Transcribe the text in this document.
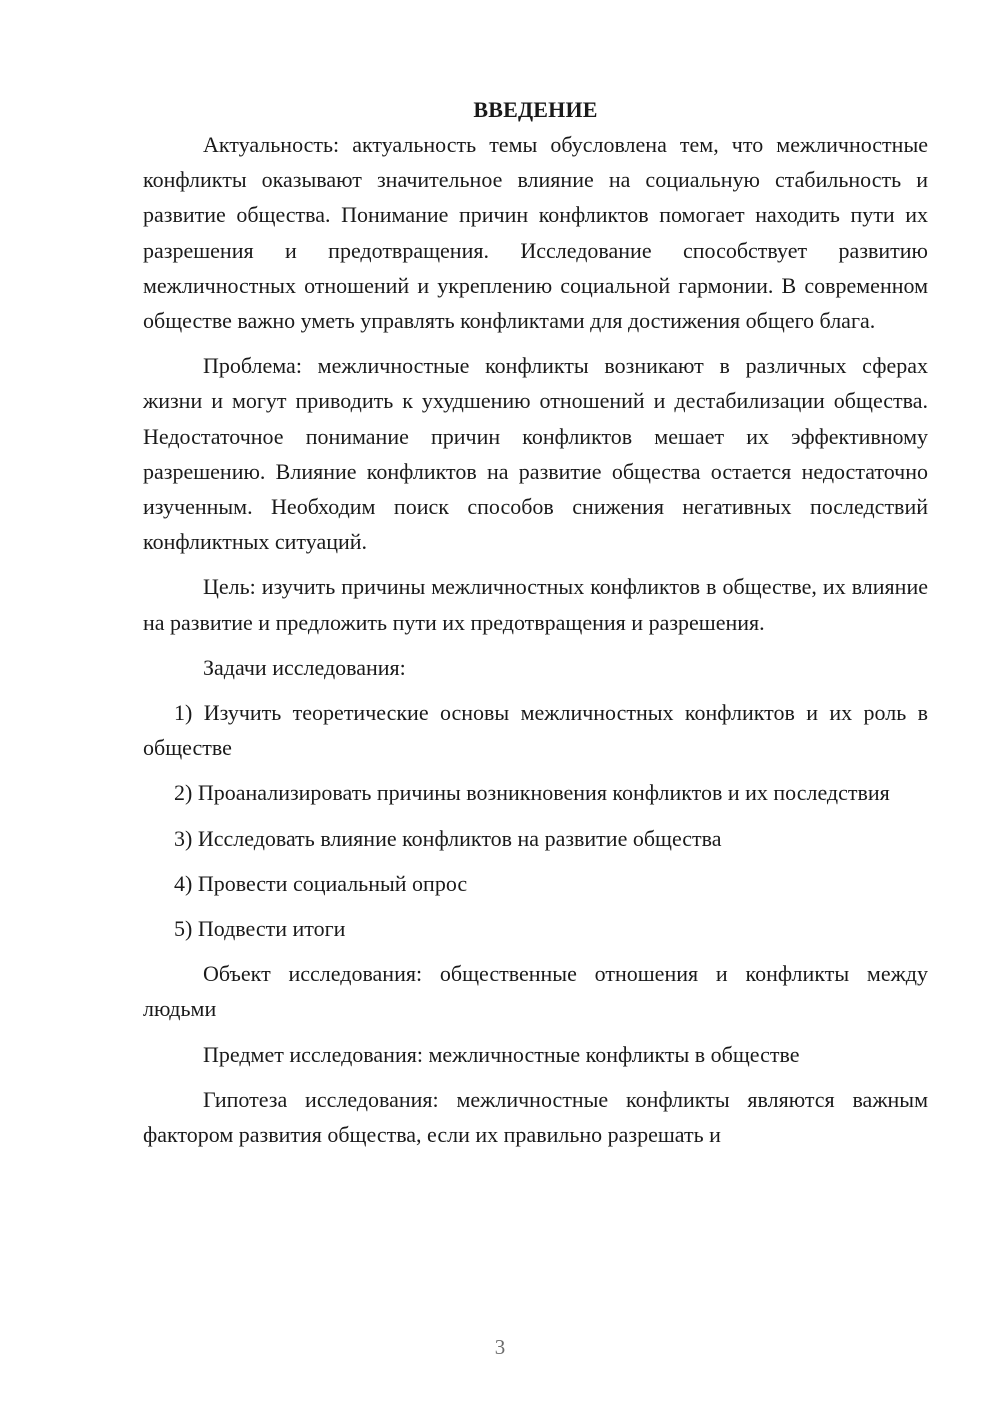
ВВЕДЕНИЕ

Актуальность: актуальность темы обусловлена тем, что межличностные конфликты оказывают значительное влияние на социальную стабильность и развитие общества. Понимание причин конфликтов помогает находить пути их разрешения и предотвращения. Исследование способствует развитию межличностных отношений и укреплению социальной гармонии. В современном обществе важно уметь управлять конфликтами для достижения общего блага.

Проблема: межличностные конфликты возникают в различных сферах жизни и могут приводить к ухудшению отношений и дестабилизации общества. Недостаточное понимание причин конфликтов мешает их эффективному разрешению. Влияние конфликтов на развитие общества остается недостаточно изученным. Необходим поиск способов снижения негативных последствий конфликтных ситуаций.

Цель: изучить причины межличностных конфликтов в обществе, их влияние на развитие и предложить пути их предотвращения и разрешения.

Задачи исследования:

1) Изучить теоретические основы межличностных конфликтов и их роль в обществе

2) Проанализировать причины возникновения конфликтов и их последствия

3) Исследовать влияние конфликтов на развитие общества

4) Провести социальный опрос

5) Подвести итоги

Объект исследования: общественные отношения и конфликты между людьми

Предмет исследования: межличностные конфликты в обществе

Гипотеза исследования: межличностные конфликты являются важным фактором развития общества, если их правильно разрешать и

3
